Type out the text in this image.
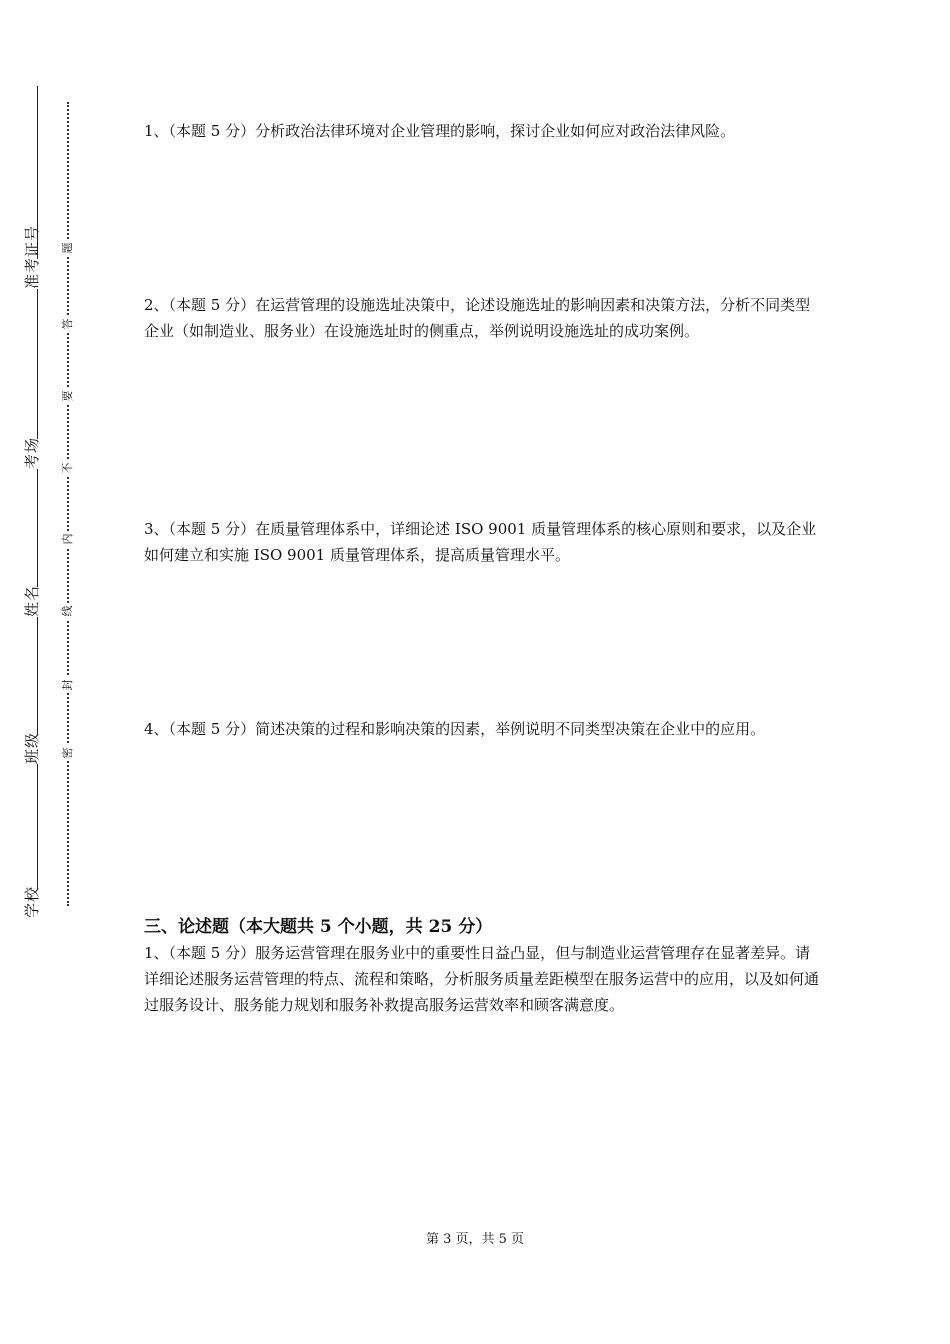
准考证号
考场
姓名
班级
学校
题
答
要
不
内
线
封
密

1、（本题 5 分）分析政治法律环境对企业管理的影响，探讨企业如何应对政治法律风险。

2、（本题 5 分）在运营管理的设施选址决策中，论述设施选址的影响因素和决策方法，分析不同类型企业（如制造业、服务业）在设施选址时的侧重点，举例说明设施选址的成功案例。

3、（本题 5 分）在质量管理体系中，详细论述 ISO 9001 质量管理体系的核心原则和要求，以及企业如何建立和实施 ISO 9001 质量管理体系，提高质量管理水平。

4、（本题 5 分）简述决策的过程和影响决策的因素，举例说明不同类型决策在企业中的应用。

三、论述题（本大题共 5 个小题，共 25 分）

1、（本题 5 分）服务运营管理在服务业中的重要性日益凸显，但与制造业运营管理存在显著差异。请详细论述服务运营管理的特点、流程和策略，分析服务质量差距模型在服务运营中的应用，以及如何通过服务设计、服务能力规划和服务补救提高服务运营效率和顾客满意度。

第 3 页，共 5 页
